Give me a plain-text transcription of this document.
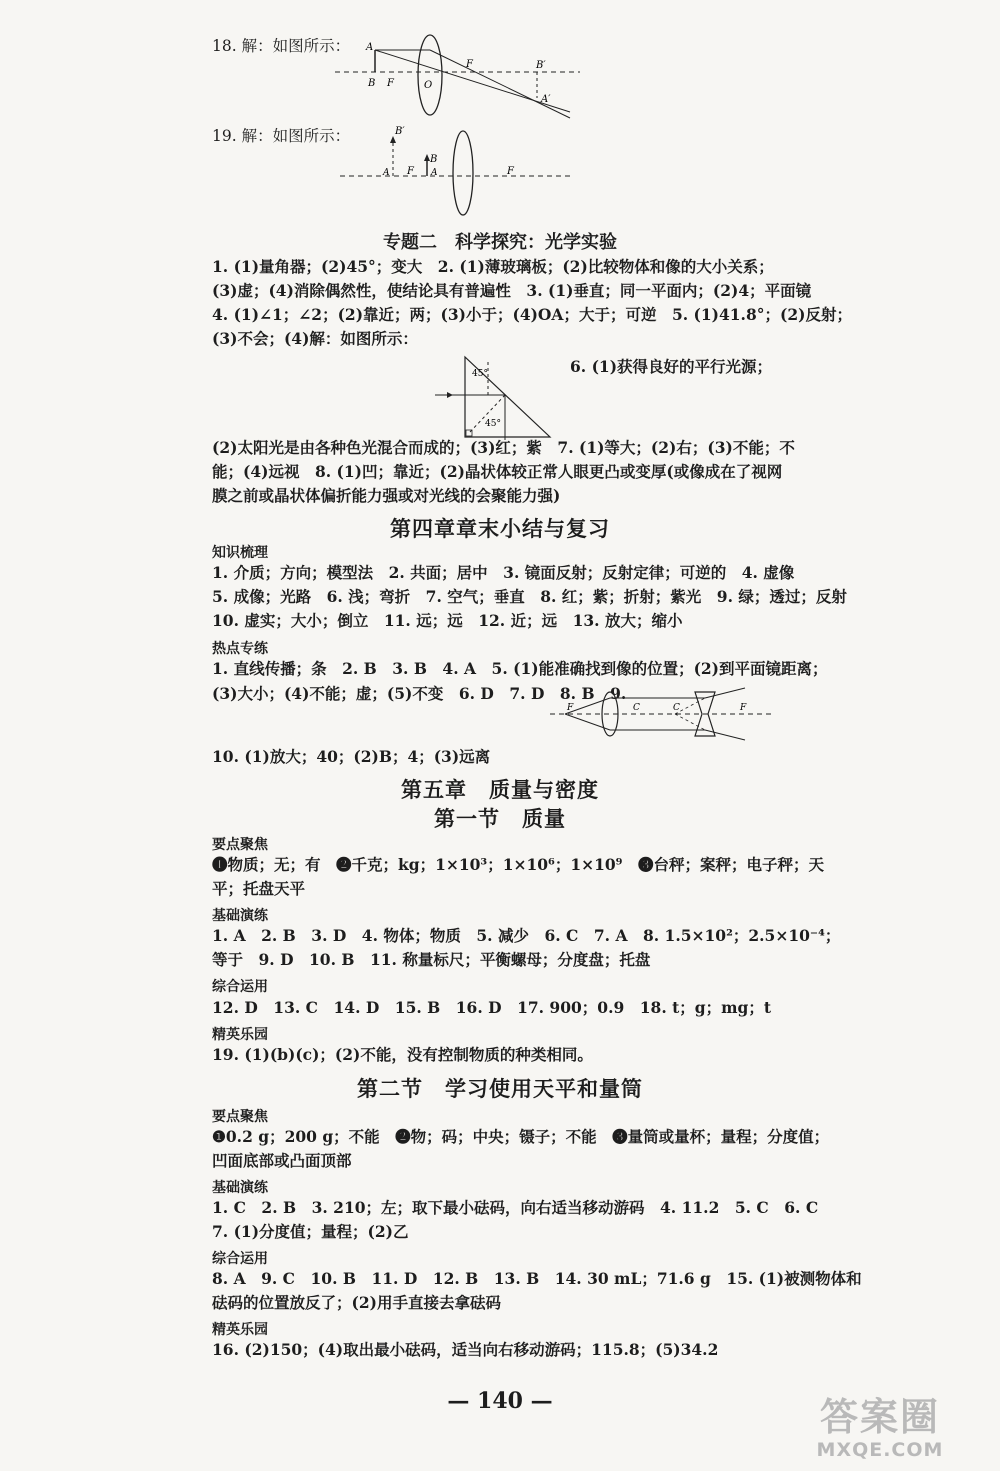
18. 解：如图所示：	A
B F	O
F	B′
A′
19. 解：如图所示：	B′
B
A F A	F
专题二　科学探究：光学实验
1. (1)量角器；(2)45°；变大　2. (1)薄玻璃板；(2)比较物体和像的大小关系；
(3)虚；(4)消除偶然性，使结论具有普遍性　3. (1)垂直；同一平面内；(2)4；平面镜
4. (1)∠1；∠2；(2)靠近；两；(3)小于；(4)OA；大于；可逆　5. (1)41.8°；(2)反射；
(3)不会；(4)解：如图所示：
6. (1)获得良好的平行光源；
45°
45°
(2)太阳光是由各种色光混合而成的；(3)红；紫　7. (1)等大；(2)右；(3)不能；不
能；(4)远视　8. (1)凹；靠近；(2)晶状体较正常人眼更凸或变厚(或像成在了视网
膜之前或晶状体偏折能力强或对光线的会聚能力强)
第四章章末小结与复习
知识梳理
1. 介质；方向；模型法　2. 共面；居中　3. 镜面反射；反射定律；可逆的　4. 虚像
5. 成像；光路　6. 浅；弯折　7. 空气；垂直　8. 红；紫；折射；紫光　9. 绿；透过；反射
10. 虚实；大小；倒立　11. 远；远　12. 近；远　13. 放大；缩小
热点专练
1. 直线传播；条　2. B　3. B　4. A　5. (1)能准确找到像的位置；(2)到平面镜距离；
(3)大小；(4)不能；虚；(5)不变　6. D　7. D　8. B　9.
F	C	C	F
10. (1)放大；40；(2)B；4；(3)远离
第五章　质量与密度
第一节　质量
要点聚焦
❶物质；无；有　❷千克；kg；1×10³；1×10⁶；1×10⁹　❸台秤；案秤；电子秤；天
平；托盘天平
基础演练
1. A　2. B　3. D　4. 物体；物质　5. 减少　6. C　7. A　8. 1.5×10²；2.5×10⁻⁴；
等于　9. D　10. B　11. 称量标尺；平衡螺母；分度盘；托盘
综合运用
12. D　13. C　14. D　15. B　16. D　17. 900；0.9　18. t；g；mg；t
精英乐园
19. (1)(b)(c)；(2)不能，没有控制物质的种类相同。
第二节　学习使用天平和量筒
要点聚焦
❶0.2 g；200 g；不能　❷物；码；中央；镊子；不能　❸量筒或量杯；量程；分度值；
凹面底部或凸面顶部
基础演练
1. C　2. B　3. 210；左；取下最小砝码，向右适当移动游码　4. 11.2　5. C　6. C
7. (1)分度值；量程；(2)乙
综合运用
8. A　9. C　10. B　11. D　12. B　13. B　14. 30 mL；71.6 g　15. (1)被测物体和
砝码的位置放反了；(2)用手直接去拿砝码
精英乐园
16. (2)150；(4)取出最小砝码，适当向右移动游码；115.8；(5)34.2
— 140 —	答案圈
MXQE.COM
